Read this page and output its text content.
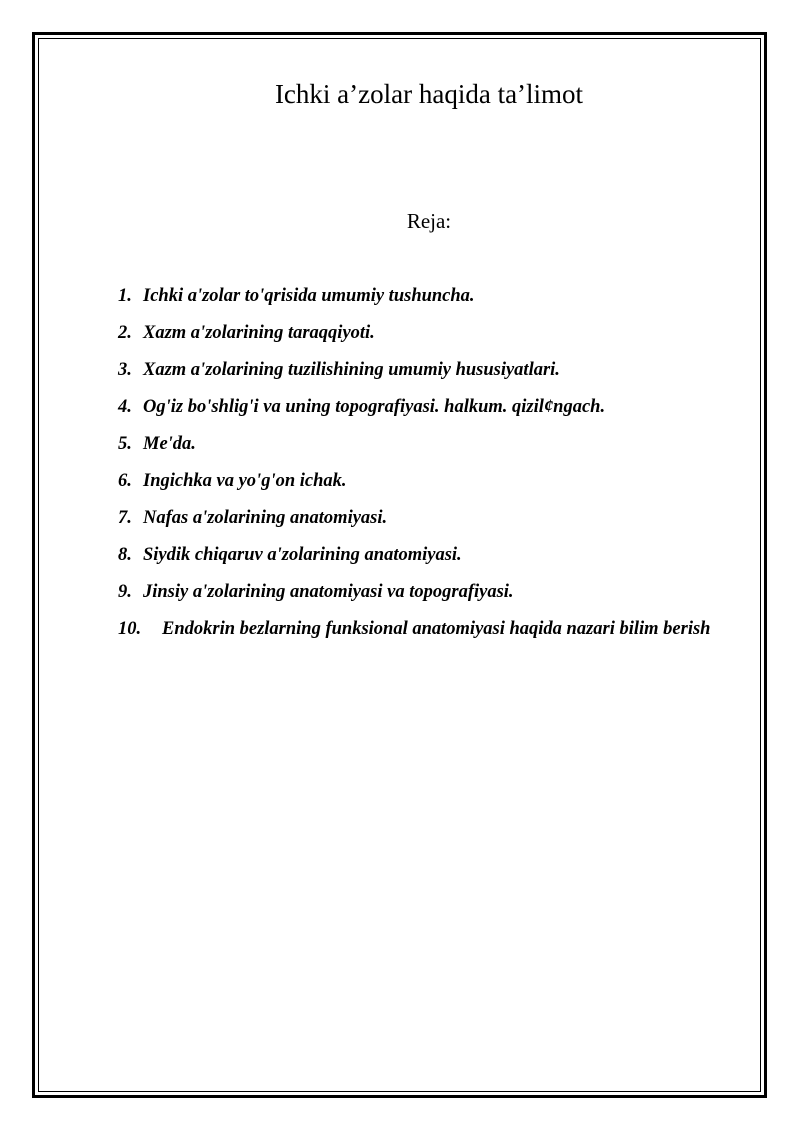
Ichki a’zolar haqida ta’limot

Reja:

1. Ichki a'zolar to'qrisida umumiy tushuncha.
2. Xazm a'zolarining taraqqiyoti.
3. Xazm a'zolarining tuzilishining umumiy hususiyatlari.
4. Og'iz bo'shlig'i va uning topografiyasi. halkum. qizil¢ngach.
5. Me'da.
6. Ingichka va yo'g'on ichak.
7. Nafas a'zolarining anatomiyasi.
8. Siydik chiqaruv a'zolarining anatomiyasi.
9. Jinsiy a'zolarining anatomiyasi va topografiyasi.
10.	Endokrin bezlarning funksional anatomiyasi haqida nazari bilim berish
